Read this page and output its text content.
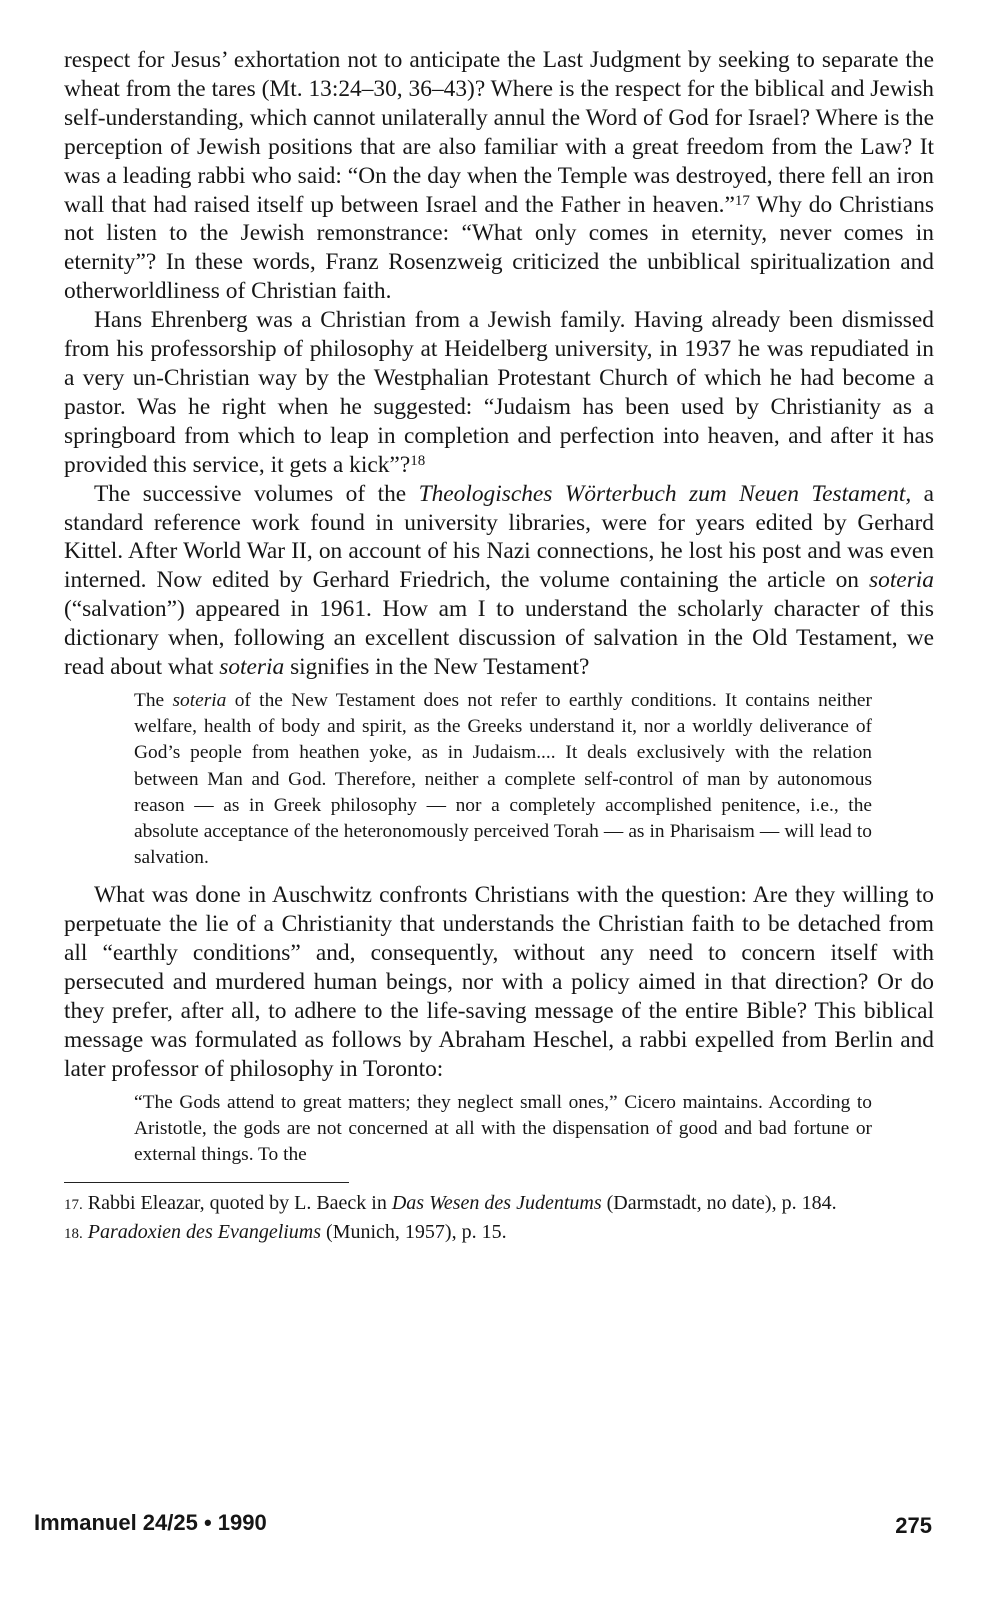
respect for Jesus’ exhortation not to anticipate the Last Judgment by seeking to separate the wheat from the tares (Mt. 13:24–30, 36–43)? Where is the respect for the biblical and Jewish self-understanding, which cannot unilaterally annul the Word of God for Israel? Where is the perception of Jewish positions that are also familiar with a great freedom from the Law? It was a leading rabbi who said: “On the day when the Temple was destroyed, there fell an iron wall that had raised itself up between Israel and the Father in heaven.”$^{17}$ Why do Christians not listen to the Jewish remonstrance: “What only comes in eternity, never comes in eternity”? In these words, Franz Rosenzweig criticized the unbiblical spiritualization and otherworldliness of Christian faith.

Hans Ehrenberg was a Christian from a Jewish family. Having already been dismissed from his professorship of philosophy at Heidelberg university, in 1937 he was repudiated in a very un-Christian way by the Westphalian Protestant Church of which he had become a pastor. Was he right when he suggested: “Judaism has been used by Christianity as a springboard from which to leap in completion and perfection into heaven, and after it has provided this service, it gets a kick”?$^{18}$

The successive volumes of the Theologisches Wörterbuch zum Neuen Testament, a standard reference work found in university libraries, were for years edited by Gerhard Kittel. After World War II, on account of his Nazi connections, he lost his post and was even interned. Now edited by Gerhard Friedrich, the volume containing the article on soteria (“salvation”) appeared in 1961. How am I to understand the scholarly character of this dictionary when, following an excellent discussion of salvation in the Old Testament, we read about what soteria signifies in the New Testament?

The soteria of the New Testament does not refer to earthly conditions. It contains neither welfare, health of body and spirit, as the Greeks understand it, nor a worldly deliverance of God’s people from heathen yoke, as in Judaism.... It deals exclusively with the relation between Man and God. Therefore, neither a complete self-control of man by autonomous reason — as in Greek philosophy — nor a completely accomplished penitence, i.e., the absolute acceptance of the heteronomously perceived Torah — as in Pharisaism — will lead to salvation.

What was done in Auschwitz confronts Christians with the question: Are they willing to perpetuate the lie of a Christianity that understands the Christian faith to be detached from all “earthly conditions” and, consequently, without any need to concern itself with persecuted and murdered human beings, nor with a policy aimed in that direction? Or do they prefer, after all, to adhere to the life-saving message of the entire Bible? This biblical message was formulated as follows by Abraham Heschel, a rabbi expelled from Berlin and later professor of philosophy in Toronto:

“The Gods attend to great matters; they neglect small ones,” Cicero maintains. According to Aristotle, the gods are not concerned at all with the dispensation of good and bad fortune or external things. To the

17. Rabbi Eleazar, quoted by L. Baeck in Das Wesen des Judentums (Darmstadt, no date), p. 184.

18. Paradoxien des Evangeliums (Munich, 1957), p. 15.

Immanuel 24/25 • 1990	275
